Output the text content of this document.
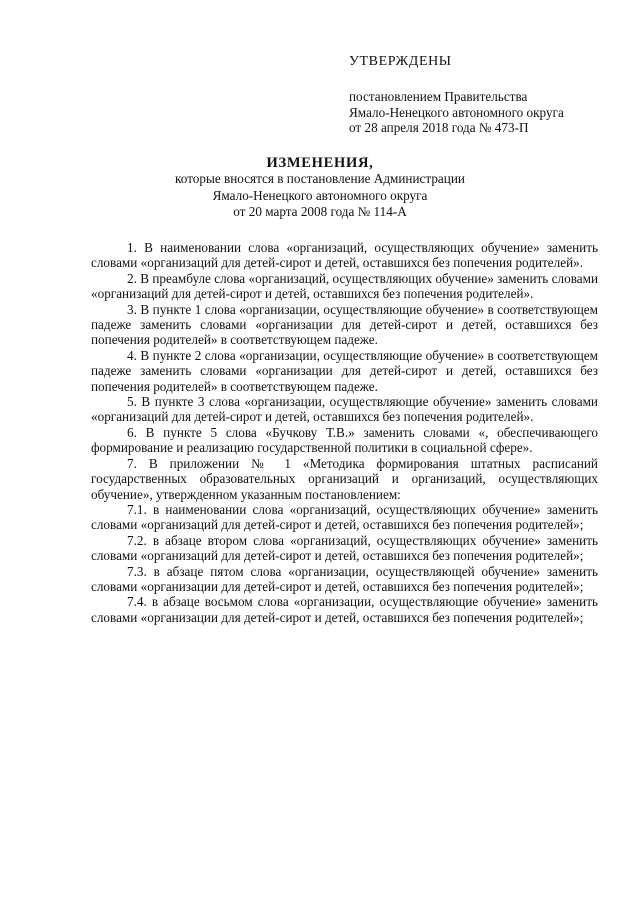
УТВЕРЖДЕНЫ
постановлением Правительства
Ямало-Ненецкого автономного округа
от 28 апреля 2018 года № 473-П
ИЗМЕНЕНИЯ,
которые вносятся в постановление Администрации
Ямало-Ненецкого автономного округа
от 20 марта 2008 года № 114-А

1. В наименовании слова «организаций, осуществляющих обучение» заменить словами «организаций для детей-сирот и детей, оставшихся без попечения родителей».

2. В преамбуле слова «организаций, осуществляющих обучение» заменить словами «организаций для детей-сирот и детей, оставшихся без попечения родителей».

3. В пункте 1 слова «организации, осуществляющие обучение» в соответствующем падеже заменить словами «организации для детей-сирот и детей, оставшихся без попечения родителей» в соответствующем падеже.

4. В пункте 2 слова «организации, осуществляющие обучение» в соответствующем падеже заменить словами «организации для детей-сирот и детей, оставшихся без попечения родителей» в соответствующем падеже.

5. В пункте 3 слова «организации, осуществляющие обучение» заменить словами «организаций для детей-сирот и детей, оставшихся без попечения родителей».

6. В пункте 5 слова «Бучкову Т.В.» заменить словами «, обеспечивающего формирование и реализацию государственной политики в социальной сфере».

7. В приложении № 1 «Методика формирования штатных расписаний государственных образовательных организаций и организаций, осуществляющих обучение», утвержденном указанным постановлением:

7.1. в наименовании слова «организаций, осуществляющих обучение» заменить словами «организаций для детей-сирот и детей, оставшихся без попечения родителей»;

7.2. в абзаце втором слова «организаций, осуществляющих обучение» заменить словами «организаций для детей-сирот и детей, оставшихся без попечения родителей»;

7.3. в абзаце пятом слова «организации, осуществляющей обучение» заменить словами «организации для детей-сирот и детей, оставшихся без попечения родителей»;

7.4. в абзаце восьмом слова «организации, осуществляющие обучение» заменить словами «организации для детей-сирот и детей, оставшихся без попечения родителей»;
